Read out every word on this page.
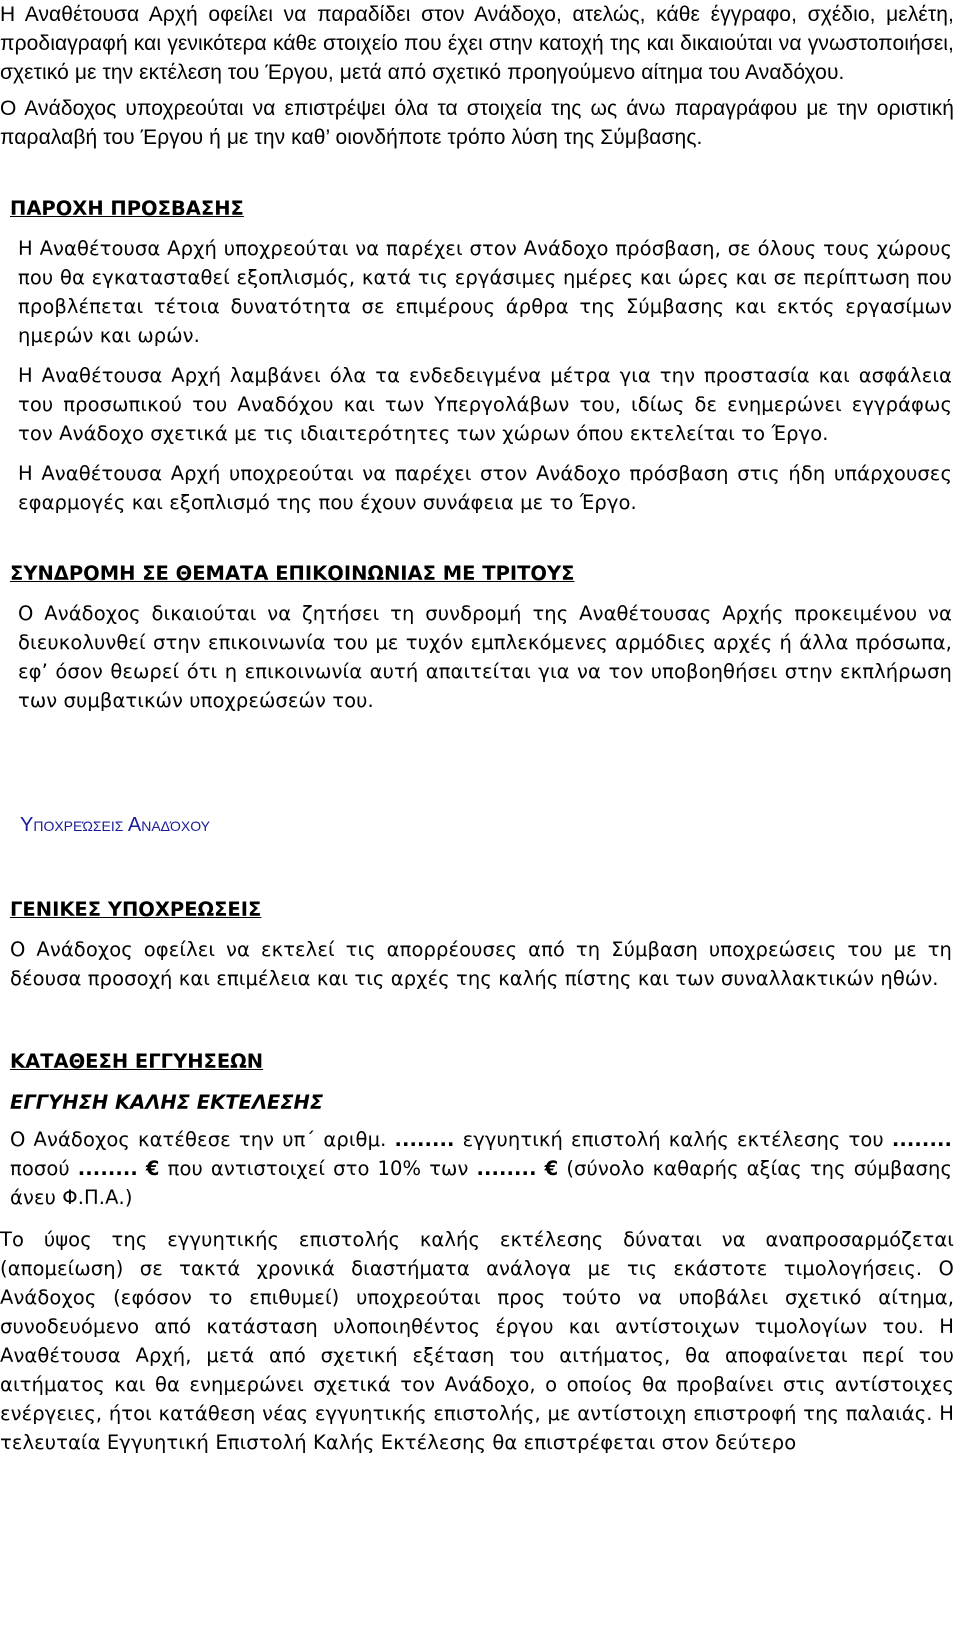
Η Αναθέτουσα Αρχή οφείλει να παραδίδει στον Ανάδοχο, ατελώς, κάθε έγγραφο, σχέδιο, μελέτη, προδιαγραφή και γενικότερα κάθε στοιχείο που έχει στην κατοχή της και δικαιούται να γνωστοποιήσει, σχετικό με την εκτέλεση του Έργου, μετά από σχετικό προηγούμενο αίτημα του Αναδόχου.

Ο Ανάδοχος υποχρεούται να επιστρέψει όλα τα στοιχεία της ως άνω παραγράφου με την οριστική παραλαβή του Έργου ή με την καθ’ οιονδήποτε τρόπο λύση της Σύμβασης.

ΠΑΡΟΧΗ ΠΡΟΣΒΑΣΗΣ

Η Αναθέτουσα Αρχή υποχρεούται να παρέχει στον Ανάδοχο πρόσβαση, σε όλους τους χώρους που θα εγκατασταθεί εξοπλισμός, κατά τις εργάσιμες ημέρες και ώρες και σε περίπτωση που προβλέπεται τέτοια δυνατότητα σε επιμέρους άρθρα της Σύμβασης και εκτός εργασίμων ημερών και ωρών.

Η Αναθέτουσα Αρχή λαμβάνει όλα τα ενδεδειγμένα μέτρα για την προστασία και ασφάλεια του προσωπικού του Αναδόχου και των Υπεργολάβων του, ιδίως δε ενημερώνει εγγράφως τον Ανάδοχο σχετικά με τις ιδιαιτερότητες των χώρων όπου εκτελείται το Έργο.

Η Αναθέτουσα Αρχή υποχρεούται να παρέχει στον Ανάδοχο πρόσβαση στις ήδη υπάρχουσες εφαρμογές και εξοπλισμό της που έχουν συνάφεια με το Έργο.

ΣΥΝΔΡΟΜΗ ΣΕ ΘΕΜΑΤΑ ΕΠΙΚΟΙΝΩΝΙΑΣ ΜΕ ΤΡΙΤΟΥΣ

Ο Ανάδοχος δικαιούται να ζητήσει τη συνδρομή της Αναθέτουσας Αρχής προκειμένου να διευκολυνθεί στην επικοινωνία του με τυχόν εμπλεκόμενες αρμόδιες αρχές ή άλλα πρόσωπα, εφ’ όσον θεωρεί ότι η επικοινωνία αυτή απαιτείται για να τον υποβοηθήσει στην εκπλήρωση των συμβατικών υποχρεώσεών του.

Υποχρεώσεις Αναδόχου
ΓΕΝΙΚΕΣ ΥΠΟΧΡΕΩΣΕΙΣ

Ο Ανάδοχος οφείλει να εκτελεί τις απορρέουσες από τη Σύμβαση υποχρεώσεις του με τη δέουσα προσοχή και επιμέλεια και τις αρχές της καλής πίστης και των συναλλακτικών ηθών.

ΚΑΤΑΘΕΣΗ ΕΓΓΥΗΣΕΩΝ
ΕΓΓΥΗΣΗ ΚΑΛΗΣ ΕΚΤΕΛΕΣΗΣ

Ο Ανάδοχος κατέθεσε την υπ΄ αριθμ. ........ εγγυητική επιστολή καλής εκτέλεσης του ........ ποσού ........ € που αντιστοιχεί στο 10% των ........ € (σύνολο καθαρής αξίας της σύμβασης άνευ Φ.Π.Α.)

Το ύψος της εγγυητικής επιστολής καλής εκτέλεσης δύναται να αναπροσαρμόζεται (απομείωση) σε τακτά χρονικά διαστήματα ανάλογα με τις εκάστοτε τιμολογήσεις. Ο Ανάδοχος (εφόσον το επιθυμεί) υποχρεούται προς τούτο να υποβάλει σχετικό αίτημα, συνοδευόμενο από κατάσταση υλοποιηθέντος έργου και αντίστοιχων τιμολογίων του. Η Αναθέτουσα Αρχή, μετά από σχετική εξέταση του αιτήματος, θα αποφαίνεται περί του αιτήματος και θα ενημερώνει σχετικά τον Ανάδοχο, ο οποίος θα προβαίνει στις αντίστοιχες ενέργειες, ήτοι κατάθεση νέας εγγυητικής επιστολής, με αντίστοιχη επιστροφή της παλαιάς. Η τελευταία Εγγυητική Επιστολή Καλής Εκτέλεσης θα επιστρέφεται στον δεύτερο
